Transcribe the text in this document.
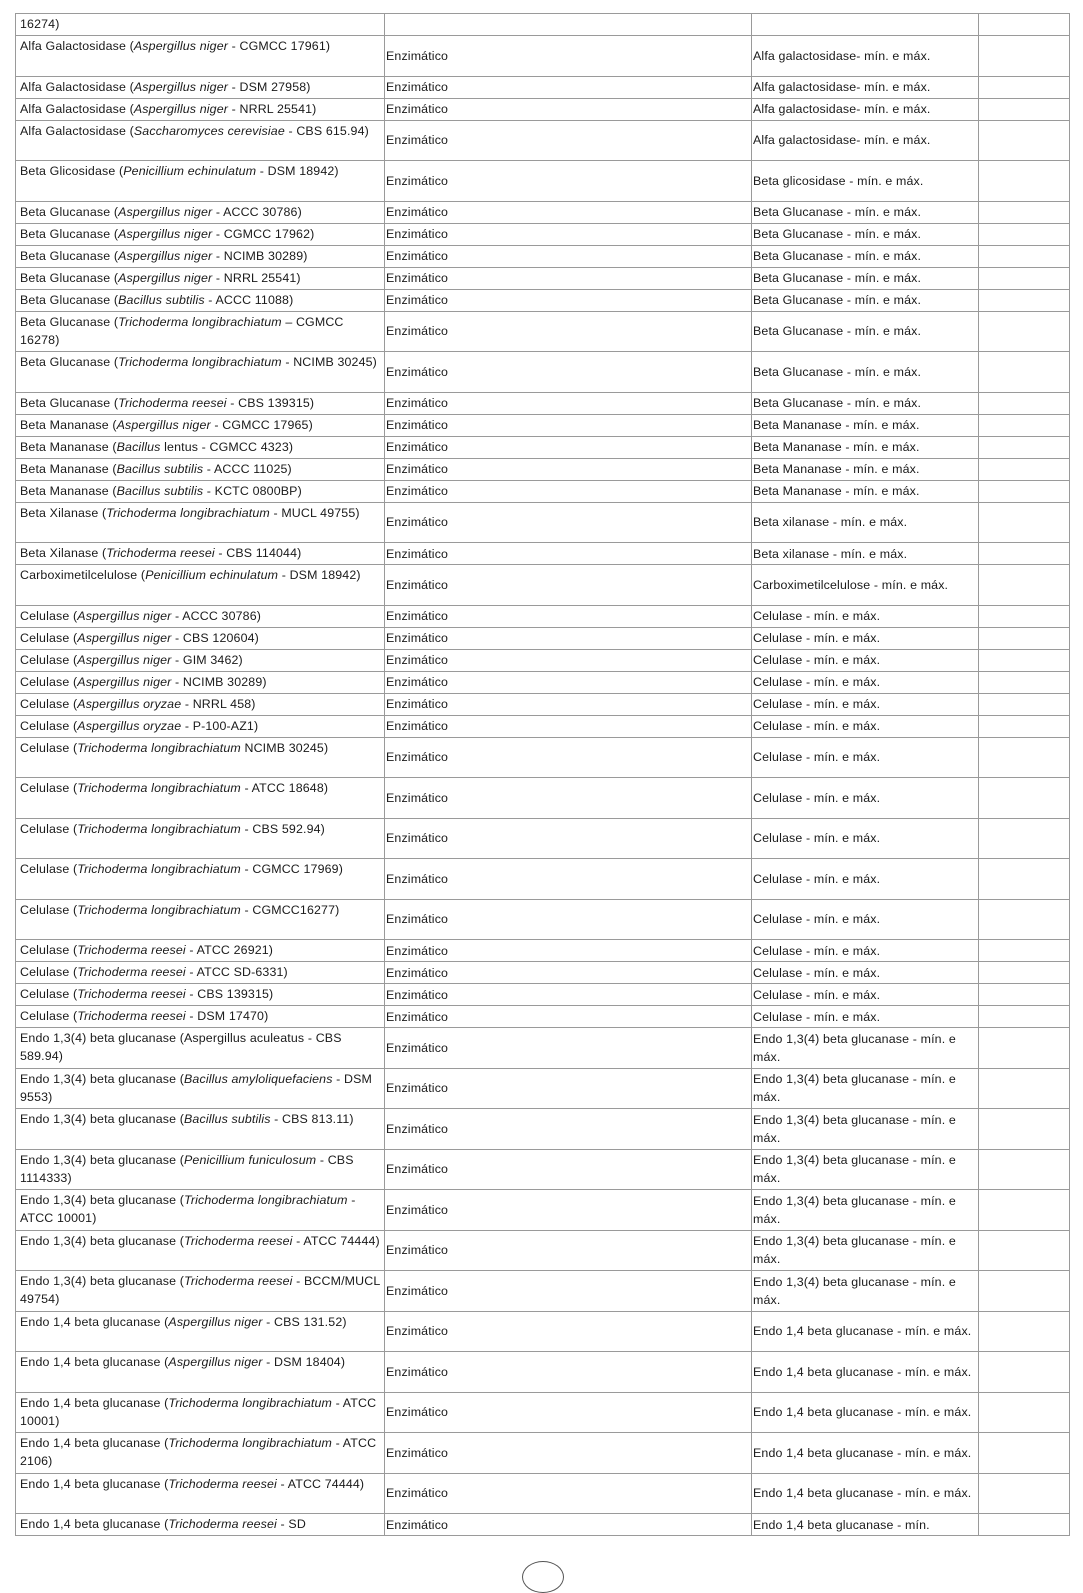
16274)			
Alfa Galactosidase (Aspergillus niger - CGMCC 17961)	Enzimático	Alfa galactosidase- mín. e máx.	
Alfa Galactosidase (Aspergillus niger - DSM 27958)	Enzimático	Alfa galactosidase- mín. e máx.	
Alfa Galactosidase (Aspergillus niger - NRRL 25541)	Enzimático	Alfa galactosidase- mín. e máx.	
Alfa Galactosidase (Saccharomyces cerevisiae - CBS 615.94)	Enzimático	Alfa galactosidase- mín. e máx.	
Beta Glicosidase (Penicillium echinulatum - DSM 18942)	Enzimático	Beta glicosidase - mín. e máx.	
Beta Glucanase (Aspergillus niger - ACCC 30786)	Enzimático	Beta Glucanase - mín. e máx.	
Beta Glucanase (Aspergillus niger - CGMCC 17962)	Enzimático	Beta Glucanase - mín. e máx.	
Beta Glucanase (Aspergillus niger - NCIMB 30289)	Enzimático	Beta Glucanase - mín. e máx.	
Beta Glucanase (Aspergillus niger - NRRL 25541)	Enzimático	Beta Glucanase - mín. e máx.	
Beta Glucanase (Bacillus subtilis - ACCC 11088)	Enzimático	Beta Glucanase - mín. e máx.	
Beta Glucanase (Trichoderma longibrachiatum – CGMCC 16278)	Enzimático	Beta Glucanase - mín. e máx.	
Beta Glucanase (Trichoderma longibrachiatum - NCIMB 30245)	Enzimático	Beta Glucanase - mín. e máx.	
Beta Glucanase (Trichoderma reesei - CBS 139315)	Enzimático	Beta Glucanase - mín. e máx.	
Beta Mananase (Aspergillus niger - CGMCC 17965)	Enzimático	Beta Mananase - mín. e máx.	
Beta Mananase (Bacillus lentus - CGMCC 4323)	Enzimático	Beta Mananase - mín. e máx.	
Beta Mananase (Bacillus subtilis - ACCC 11025)	Enzimático	Beta Mananase - mín. e máx.	
Beta Mananase (Bacillus subtilis - KCTC 0800BP)	Enzimático	Beta Mananase - mín. e máx.	
Beta Xilanase (Trichoderma longibrachiatum - MUCL 49755)	Enzimático	Beta xilanase - mín. e máx.	
Beta Xilanase (Trichoderma reesei - CBS 114044)	Enzimático	Beta xilanase - mín. e máx.	
Carboximetilcelulose (Penicillium echinulatum - DSM 18942)	Enzimático	Carboximetilcelulose - mín. e máx.	
Celulase (Aspergillus niger - ACCC 30786)	Enzimático	Celulase - mín. e máx.	
Celulase (Aspergillus niger - CBS 120604)	Enzimático	Celulase - mín. e máx.	
Celulase (Aspergillus niger - GIM 3462)	Enzimático	Celulase - mín. e máx.	
Celulase (Aspergillus niger - NCIMB 30289)	Enzimático	Celulase - mín. e máx.	
Celulase (Aspergillus oryzae - NRRL 458)	Enzimático	Celulase - mín. e máx.	
Celulase (Aspergillus oryzae - P-100-AZ1)	Enzimático	Celulase - mín. e máx.	
Celulase (Trichoderma longibrachiatum NCIMB 30245)	Enzimático	Celulase - mín. e máx.	
Celulase (Trichoderma longibrachiatum - ATCC 18648)	Enzimático	Celulase - mín. e máx.	
Celulase (Trichoderma longibrachiatum - CBS 592.94)	Enzimático	Celulase - mín. e máx.	
Celulase (Trichoderma longibrachiatum - CGMCC 17969)	Enzimático	Celulase - mín. e máx.	
Celulase (Trichoderma longibrachiatum - CGMCC16277)	Enzimático	Celulase - mín. e máx.	
Celulase (Trichoderma reesei - ATCC 26921)	Enzimático	Celulase - mín. e máx.	
Celulase (Trichoderma reesei - ATCC SD-6331)	Enzimático	Celulase - mín. e máx.	
Celulase (Trichoderma reesei - CBS 139315)	Enzimático	Celulase - mín. e máx.	
Celulase (Trichoderma reesei - DSM 17470)	Enzimático	Celulase - mín. e máx.	
Endo 1,3(4) beta glucanase (Aspergillus aculeatus - CBS 589.94)	Enzimático	Endo 1,3(4) beta glucanase - mín. e máx.	
Endo 1,3(4) beta glucanase (Bacillus amyloliquefaciens - DSM 9553)	Enzimático	Endo 1,3(4) beta glucanase - mín. e máx.	
Endo 1,3(4) beta glucanase (Bacillus subtilis - CBS 813.11)	Enzimático	Endo 1,3(4) beta glucanase - mín. e máx.	
Endo 1,3(4) beta glucanase (Penicillium funiculosum - CBS 1114333)	Enzimático	Endo 1,3(4) beta glucanase - mín. e máx.	
Endo 1,3(4) beta glucanase (Trichoderma longibrachiatum - ATCC 10001)	Enzimático	Endo 1,3(4) beta glucanase - mín. e máx.	
Endo 1,3(4) beta glucanase (Trichoderma reesei - ATCC 74444)	Enzimático	Endo 1,3(4) beta glucanase - mín. e máx.	
Endo 1,3(4) beta glucanase (Trichoderma reesei - BCCM/MUCL 49754)	Enzimático	Endo 1,3(4) beta glucanase - mín. e máx.	
Endo 1,4 beta glucanase (Aspergillus niger - CBS 131.52)	Enzimático	Endo 1,4 beta glucanase - mín. e máx.	
Endo 1,4 beta glucanase (Aspergillus niger - DSM 18404)	Enzimático	Endo 1,4 beta glucanase - mín. e máx.	
Endo 1,4 beta glucanase (Trichoderma longibrachiatum - ATCC 10001)	Enzimático	Endo 1,4 beta glucanase - mín. e máx.	
Endo 1,4 beta glucanase (Trichoderma longibrachiatum - ATCC 2106)	Enzimático	Endo 1,4 beta glucanase - mín. e máx.	
Endo 1,4 beta glucanase (Trichoderma reesei - ATCC 74444)	Enzimático	Endo 1,4 beta glucanase - mín. e máx.	
Endo 1,4 beta glucanase (Trichoderma reesei - SD	Enzimático	Endo 1,4 beta glucanase - mín.	
